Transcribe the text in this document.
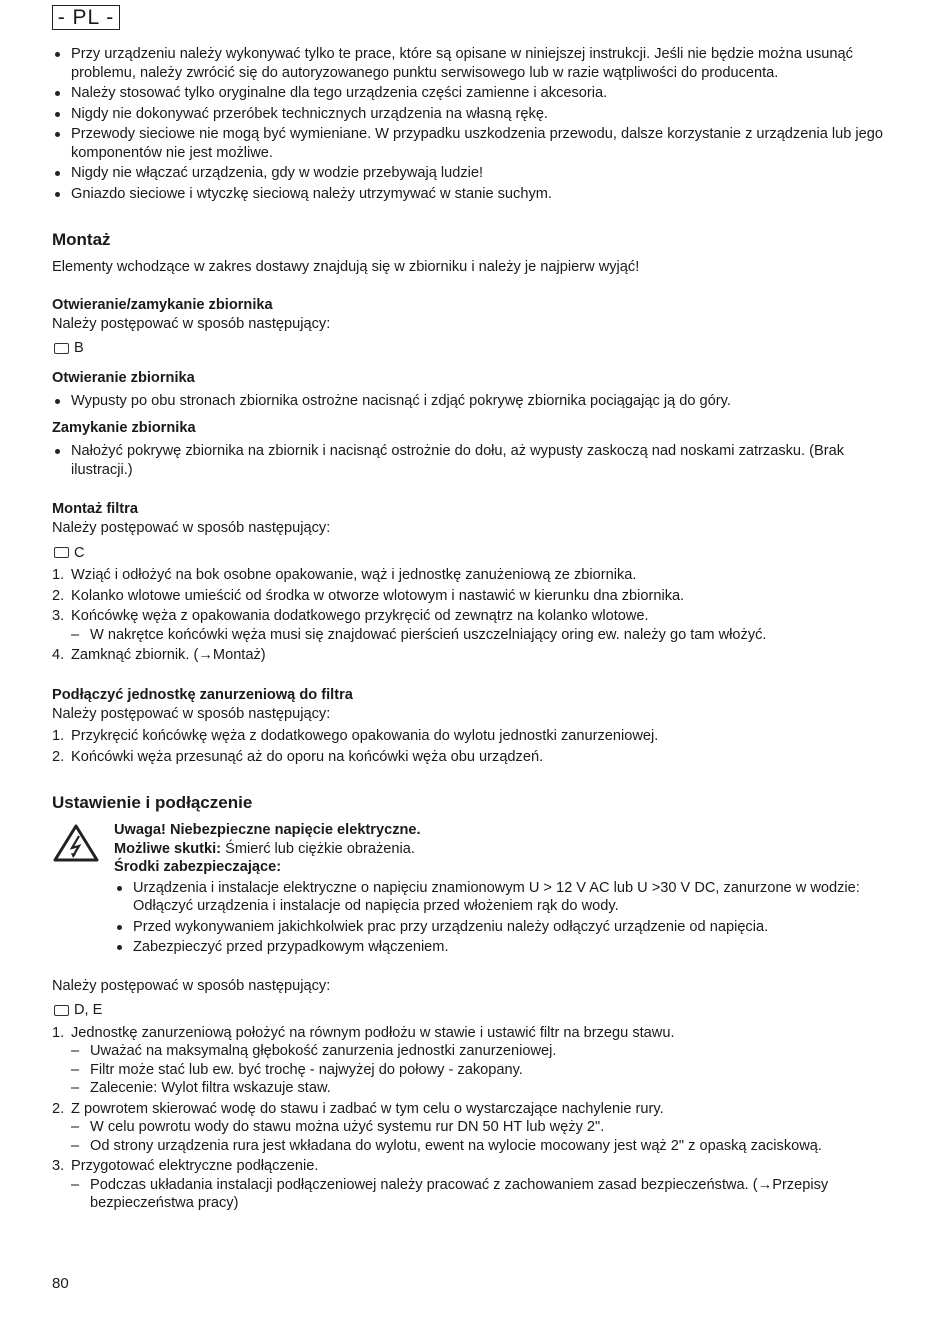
- PL -
Przy urządzeniu należy wykonywać tylko te prace, które są opisane w niniejszej instrukcji. Jeśli nie będzie można usunąć problemu, należy zwrócić się do autoryzowanego punktu serwisowego lub w razie wątpliwości do producenta.
Należy stosować tylko oryginalne dla tego urządzenia części zamienne i akcesoria.
Nigdy nie dokonywać przeróbek technicznych urządzenia na własną rękę.
Przewody sieciowe nie mogą być wymieniane. W przypadku uszkodzenia przewodu, dalsze korzystanie z urządzenia lub jego komponentów nie jest możliwe.
Nigdy nie włączać urządzenia, gdy w wodzie przebywają ludzie!
Gniazdo sieciowe i wtyczkę sieciową należy utrzymywać w stanie suchym.
Montaż

Elementy wchodzące w zakres dostawy znajdują się w zbiorniku i należy je najpierw wyjąć!

Otwieranie/zamykanie zbiornika

Należy postępować w sposób następujący:

B
Otwieranie zbiornika
Wypusty po obu stronach zbiornika ostrożne nacisnąć i zdjąć pokrywę zbiornika pociągając ją do góry.
Zamykanie zbiornika
Nałożyć pokrywę zbiornika na zbiornik i nacisnąć ostrożnie do dołu, aż wypusty zaskoczą nad noskami zatrzasku. (Brak ilustracji.)
Montaż filtra

Należy postępować w sposób następujący:

C
1. Wziąć i odłożyć na bok osobne opakowanie, wąż i jednostkę zanużeniową ze zbiornika.
2. Kolanko wlotowe umieścić od środka w otworze wlotowym i nastawić w kierunku dna zbiornika.
3. Końcówkę węża z opakowania dodatkowego przykręcić od zewnątrz na kolanko wlotowe.
– W nakrętce końcówki węża musi się znajdować pierścień uszczelniający oring ew. należy go tam włożyć.
4. Zamknąć zbiornik. (→Montaż)
Podłączyć jednostkę zanurzeniową do filtra

Należy postępować w sposób następujący:

1. Przykręcić końcówkę węża z dodatkowego opakowania do wylotu jednostki zanurzeniowej.
2. Końcówki węża przesunąć aż do oporu na końcówki węża obu urządzeń.
Ustawienie i podłączenie

Uwaga! Niebezpieczne napięcie elektryczne.

Możliwe skutki: Śmierć lub ciężkie obrażenia.

Środki zabezpieczające:

Urządzenia i instalacje elektryczne o napięciu znamionowym U > 12 V AC lub U >30 V DC, zanurzone w wodzie: Odłączyć urządzenia i instalacje od napięcia przed włożeniem rąk do wody.
Przed wykonywaniem jakichkolwiek prac przy urządzeniu należy odłączyć urządzenie od napięcia.
Zabezpieczyć przed przypadkowym włączeniem.

Należy postępować w sposób następujący:

D, E
1. Jednostkę zanurzeniową położyć na równym podłożu w stawie i ustawić filtr na brzegu stawu.
– Uważać na maksymalną głębokość zanurzenia jednostki zanurzeniowej.
– Filtr może stać lub ew. być trochę - najwyżej do połowy - zakopany.
– Zalecenie: Wylot filtra wskazuje staw.
2. Z powrotem skierować wodę do stawu i zadbać w tym celu o wystarczające nachylenie rury.
– W celu powrotu wody do stawu można użyć systemu rur DN 50 HT lub węży 2".
– Od strony urządzenia rura jest wkładana do wylotu, ewent na wylocie mocowany jest wąż 2" z opaską zaciskową.
3. Przygotować elektryczne podłączenie.
– Podczas układania instalacji podłączeniowej należy pracować z zachowaniem zasad bezpieczeństwa. (→Przepisy bezpieczeństwa pracy)
80
